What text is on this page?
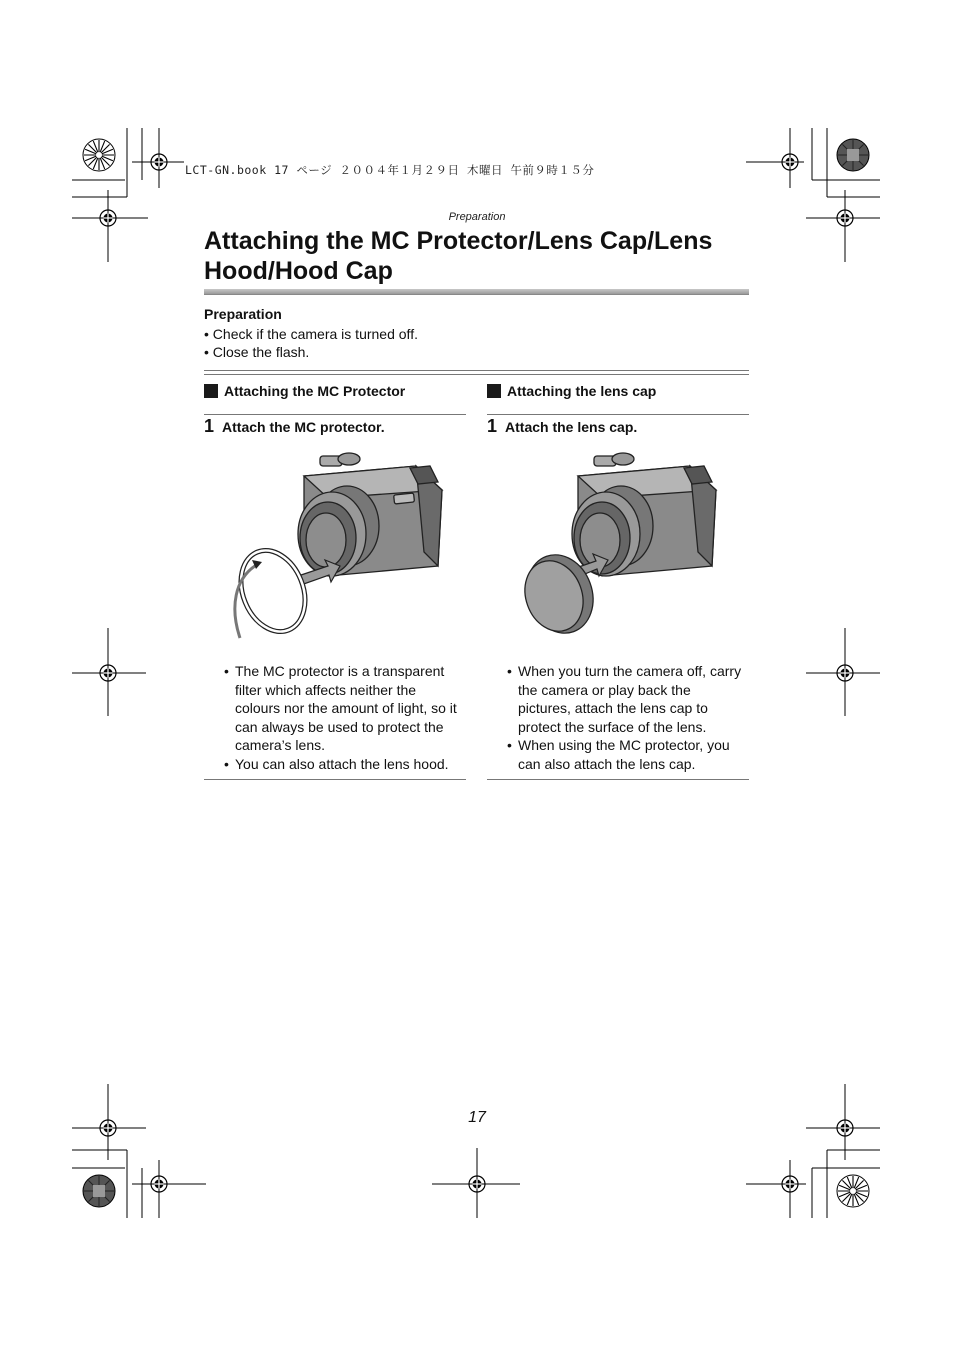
LCT-GN.book 17 ページ ２００４年１月２９日 木曜日 午前９時１５分
Preparation
Attaching the MC Protector/Lens Cap/Lens
Hood/Hood Cap
Preparation
• Check if the camera is turned off.
• Close the flash.
Attaching the MC Protector
1 Attach the MC protector.
• The MC protector is a transparent filter which affects neither the colours nor the amount of light, so it can always be used to protect the camera’s lens.
• You can also attach the lens hood.
Attaching the lens cap
1 Attach the lens cap.
• When you turn the camera off, carry the camera or play back the pictures, attach the lens cap to protect the surface of the lens.
• When using the MC protector, you can also attach the lens cap.
17
